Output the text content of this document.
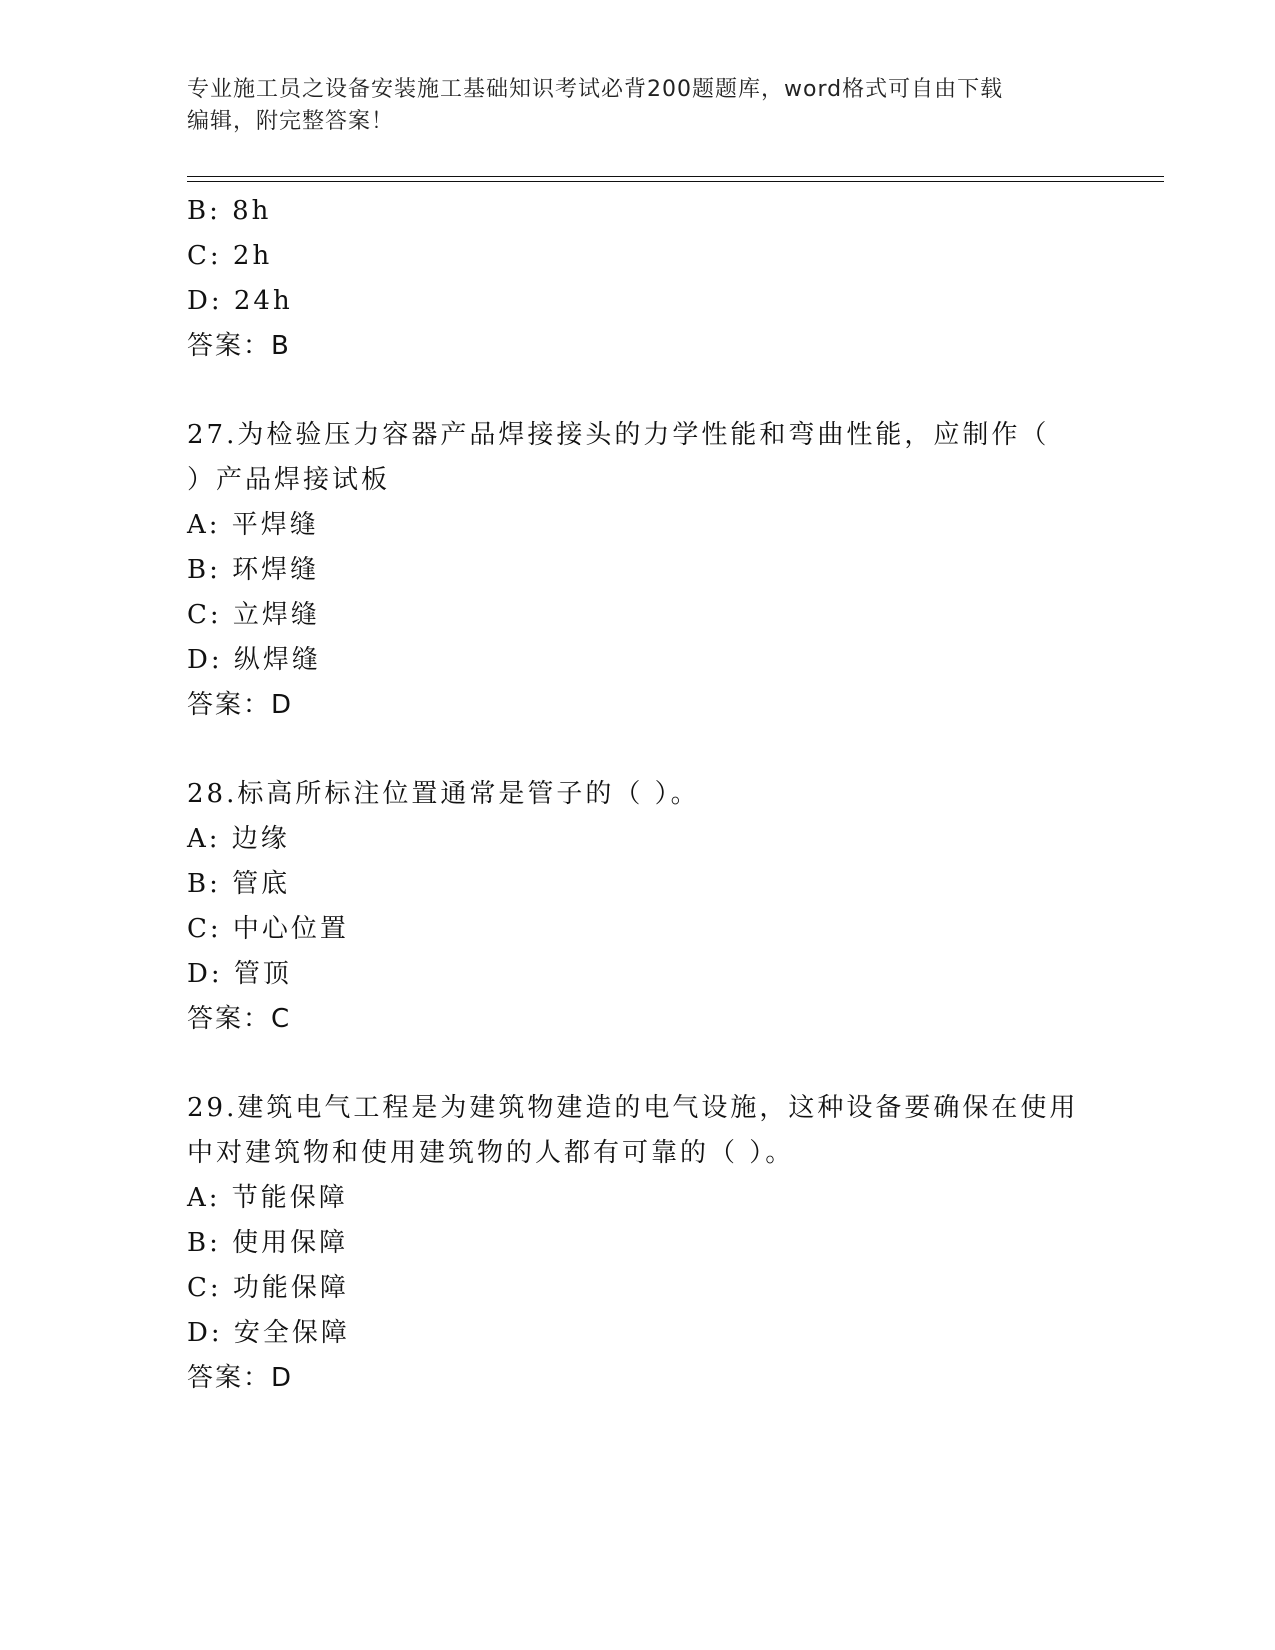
专业施工员之设备安装施工基础知识考试必背200题题库，word格式可自由下载
编辑，附完整答案！
B: 8h
C: 2h
D: 24h
答案：B
27.为检验压力容器产品焊接接头的力学性能和弯曲性能，应制作（
）产品焊接试板
A: 平焊缝
B: 环焊缝
C: 立焊缝
D: 纵焊缝
答案：D
28.标高所标注位置通常是管子的（ ）。
A: 边缘
B: 管底
C: 中心位置
D: 管顶
答案：C
29.建筑电气工程是为建筑物建造的电气设施，这种设备要确保在使用
中对建筑物和使用建筑物的人都有可靠的（ ）。
A: 节能保障
B: 使用保障
C: 功能保障
D: 安全保障
答案：D
